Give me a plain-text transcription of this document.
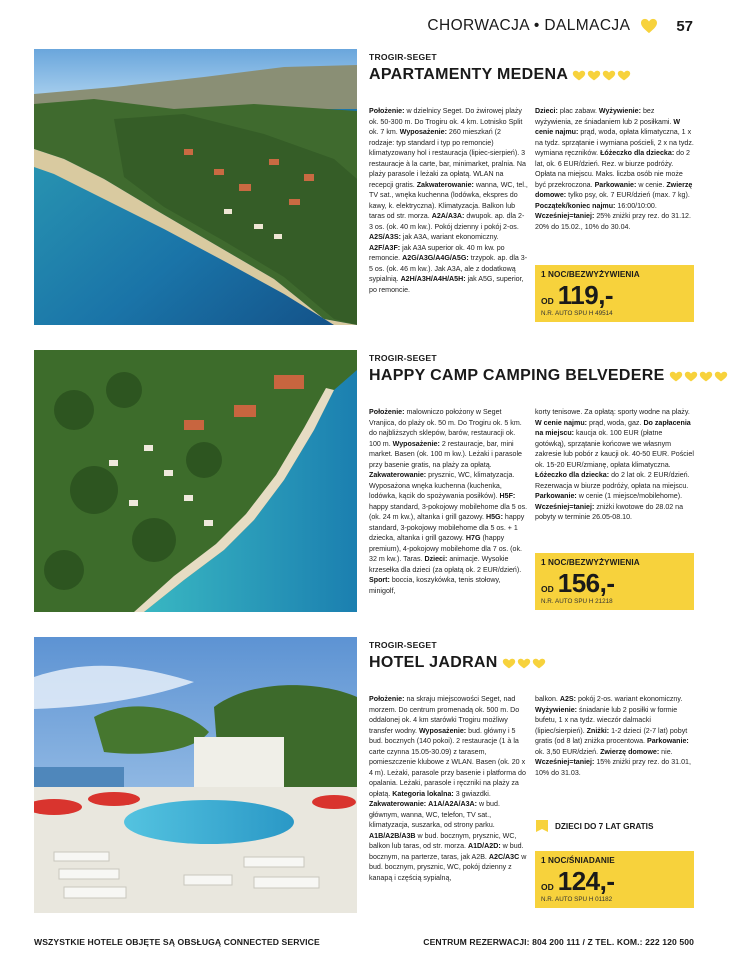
CHORWACJA • DALMACJA	57
TROGIR-SEGET
APARTAMENTY MEDENA
Położenie: w dzielnicy Seget. Do żwirowej plaży ok. 50-300 m. Do Trogiru ok. 4 km. Lotnisko Split ok. 7 km. Wyposażenie: 260 mieszkań (2 rodzaje: typ standard i typ po remoncie) klimatyzowany hol i restauracja (lipiec-sierpień). 3 restauracje à la carte, bar, minimarket, pralnia. Na plaży parasole i leżaki za opłatą. WLAN na recepcji gratis. Zakwaterowanie: wanna, WC, tel., TV sat., wnęka kuchenna (lodówka, ekspres do kawy, k. elektryczna). Klimatyzacja. Balkon lub taras od str. morza. A2A/A3A: dwupok. ap. dla 2-3 os. (ok. 40 m kw.). Pokój dzienny i pokój 2-os. A2S/A3S: jak A3A, wariant ekonomiczny. A2F/A3F: jak A3A superior ok. 40 m kw. po remoncie. A2G/A3G/A4G/A5G: trzypok. ap. dla 3-5 os. (ok. 46 m kw.). Jak A3A, ale z dodatkową sypialnią. A2H/A3H/A4H/A5H: jak A5G, superior, po remoncie.
Dzieci: plac zabaw. Wyżywienie: bez wyżywienia, ze śniadaniem lub 2 posiłkami. W cenie najmu: prąd, woda, opłata klimatyczna, 1 x na tydz. sprzątanie i wymiana pościeli, 2 x na tydz. wymiana ręczników. Łóżeczko dla dziecka: do 2 lat, ok. 6 EUR/dzień. Rez. w biurze podróży. Opłata na miejscu. Maks. liczba osób nie może być przekroczona. Parkowanie: w cenie. Zwierzę domowe: tylko psy, ok. 7 EUR/dzień (max. 7 kg). Początek/koniec najmu: 16:00/10:00. Wcześniej=taniej: 25% zniżki przy rez. do 31.12. 20% do 15.02., 10% do 30.04.
1 NOC/BEZWYŻYWIENIA
OD 119,-
N.R. AUTO SPU H 49514
TROGIR-SEGET
HAPPY CAMP CAMPING BELVEDERE
Położenie: malowniczo położony w Seget Vranjica, do plaży ok. 50 m. Do Trogiru ok. 5 km. do najbliższych sklepów, barów, restauracji ok. 100 m. Wyposażenie: 2 restauracje, bar, mini market. Basen (ok. 100 m kw.). Leżaki i parasole przy basenie gratis, na plaży za opłatą. Zakwaterowanie: prysznic, WC, klimatyzacja. Wyposażona wnęka kuchenna (kuchenka, lodówka, kącik do spożywania posiłków). H5F: happy standard, 3-pokojowy mobilehome dla 5 os. (ok. 24 m kw.), altanka i grill gazowy. H5G: happy standard, 3-pokojowy mobilehome dla 5 os. + 1 dziecka, altanka i grill gazowy. H7G (happy premium), 4-pokojowy mobilehome dla 7 os. (ok. 32 m kw.). Taras. Dzieci: animacje. Wysokie krzesełka dla dzieci (za opłatą ok. 2 EUR/dzień). Sport: boccia, koszykówka, tenis stołowy, minigolf,
korty tenisowe. Za opłatą: sporty wodne na plaży. W cenie najmu: prąd, woda, gaz. Do zapłacenia na miejscu: kaucja ok. 100 EUR (płatne gotówką), sprzątanie końcowe we własnym zakresie lub pobór z kaucji ok. 40-50 EUR. Pościel ok. 15-20 EUR/zmianę, opłata klimatyczna. Łóżeczko dla dziecka: do 2 lat ok. 2 EUR/dzień. Rezerwacja w biurze podróży, opłata na miejscu. Parkowanie: w cenie (1 miejsce/mobilehome). Wcześniej=taniej: zniżki kwotowe do 28.02 na pobyty w terminie 26.05-08.10.
1 NOC/BEZWYŻYWIENIA
OD 156,-
N.R. AUTO SPU H 21218
TROGIR-SEGET
HOTEL JADRAN
Położenie: na skraju miejscowości Seget, nad morzem. Do centrum promenadą ok. 500 m. Do oddalonej ok. 4 km starówki Trogiru możliwy transfer wodny. Wyposażenie: bud. główny i 5 bud. bocznych (140 pokoi). 2 restauracje (1 à la carte czynna 15.05-30.09) z tarasem, pomieszczenie klubowe z WLAN. Basen (ok. 20 x 4 m). Leżaki, parasole przy basenie i platforma do opalania. Leżaki, parasole i ręczniki na plaży za opłatą. Kategoria lokalna: 3 gwiazdki. Zakwaterowanie: A1A/A2A/A3A: w bud. głównym, wanna, WC, telefon, TV sat., klimatyzacja, suszarka, od strony parku. A1B/A2B/A3B w bud. bocznym, prysznic, WC, balkon lub taras, od str. morza. A1D/A2D: w bud. bocznym, na parterze, taras, jak A2B. A2C/A3C w bud. bocznym, prysznic, WC, pokój dzienny z kanapą i częścią sypialną,
balkon. A2S: pokój 2-os. wariant ekonomiczny. Wyżywienie: śniadanie lub 2 posiłki w formie bufetu, 1 x na tydz. wieczór dalmacki (lipiec/sierpień). Zniżki: 1-2 dzieci (2-7 lat) pobyt gratis (od 8 lat) zniżka procentowa. Parkowanie: ok. 3,50 EUR/dzień. Zwierzę domowe: nie. Wcześniej=taniej: 15% zniżki przy rez. do 31.01, 10% do 31.03.
DZIECI DO 7 LAT GRATIS
1 NOC/ŚNIADANIE
OD 124,-
N.R. AUTO SPU H 01182
WSZYSTKIE HOTELE OBJĘTE SĄ OBSŁUGĄ CONNECTED SERVICE	CENTRUM REZERWACJI: 804 200 111 / Z TEL. KOM.: 222 120 500
